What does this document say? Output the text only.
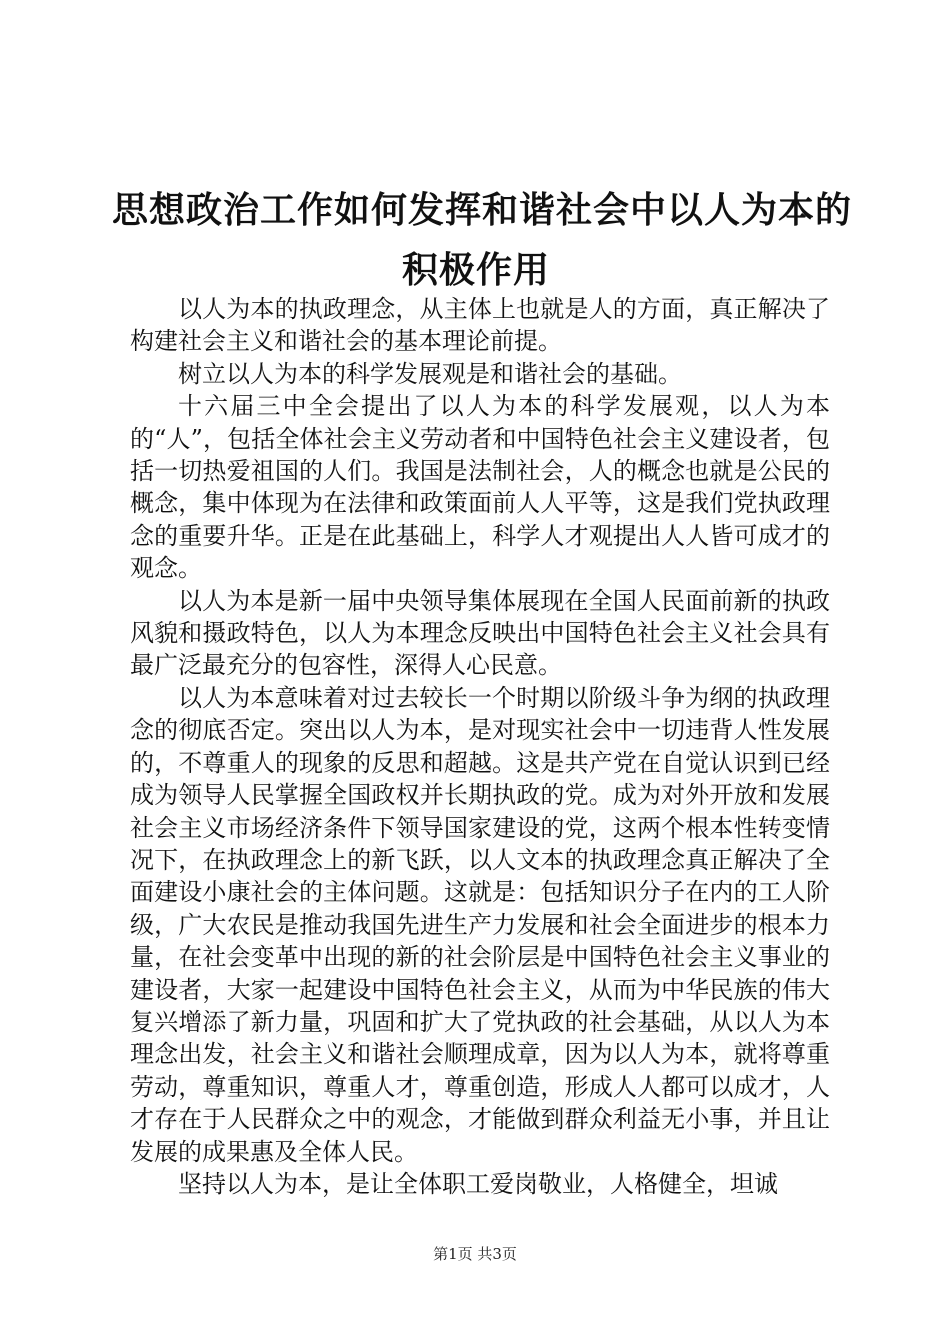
思想政治工作如何发挥和谐社会中以人为本的
积极作用

以人为本的执政理念，从主体上也就是人的方面，真正解决了构建社会主义和谐社会的基本理论前提。

树立以人为本的科学发展观是和谐社会的基础。

十六届三中全会提出了以人为本的科学发展观，以人为本的“人”，包括全体社会主义劳动者和中国特色社会主义建设者，包括一切热爱祖国的人们。我国是法制社会，人的概念也就是公民的概念，集中体现为在法律和政策面前人人平等，这是我们党执政理念的重要升华。正是在此基础上，科学人才观提出人人皆可成才的观念。

以人为本是新一届中央领导集体展现在全国人民面前新的执政风貌和摄政特色，以人为本理念反映出中国特色社会主义社会具有最广泛最充分的包容性，深得人心民意。

以人为本意味着对过去较长一个时期以阶级斗争为纲的执政理念的彻底否定。突出以人为本，是对现实社会中一切违背人性发展的，不尊重人的现象的反思和超越。这是共产党在自觉认识到已经成为领导人民掌握全国政权并长期执政的党。成为对外开放和发展社会主义市场经济条件下领导国家建设的党，这两个根本性转变情况下，在执政理念上的新飞跃，以人文本的执政理念真正解决了全面建设小康社会的主体问题。这就是：包括知识分子在内的工人阶级，广大农民是推动我国先进生产力发展和社会全面进步的根本力量，在社会变革中出现的新的社会阶层是中国特色社会主义事业的建设者，大家一起建设中国特色社会主义，从而为中华民族的伟大复兴增添了新力量，巩固和扩大了党执政的社会基础，从以人为本理念出发，社会主义和谐社会顺理成章，因为以人为本，就将尊重劳动，尊重知识，尊重人才，尊重创造，形成人人都可以成才，人才存在于人民群众之中的观念，才能做到群众利益无小事，并且让发展的成果惠及全体人民。

坚持以人为本，是让全体职工爱岗敬业，人格健全，坦诚

第1页 共3页
